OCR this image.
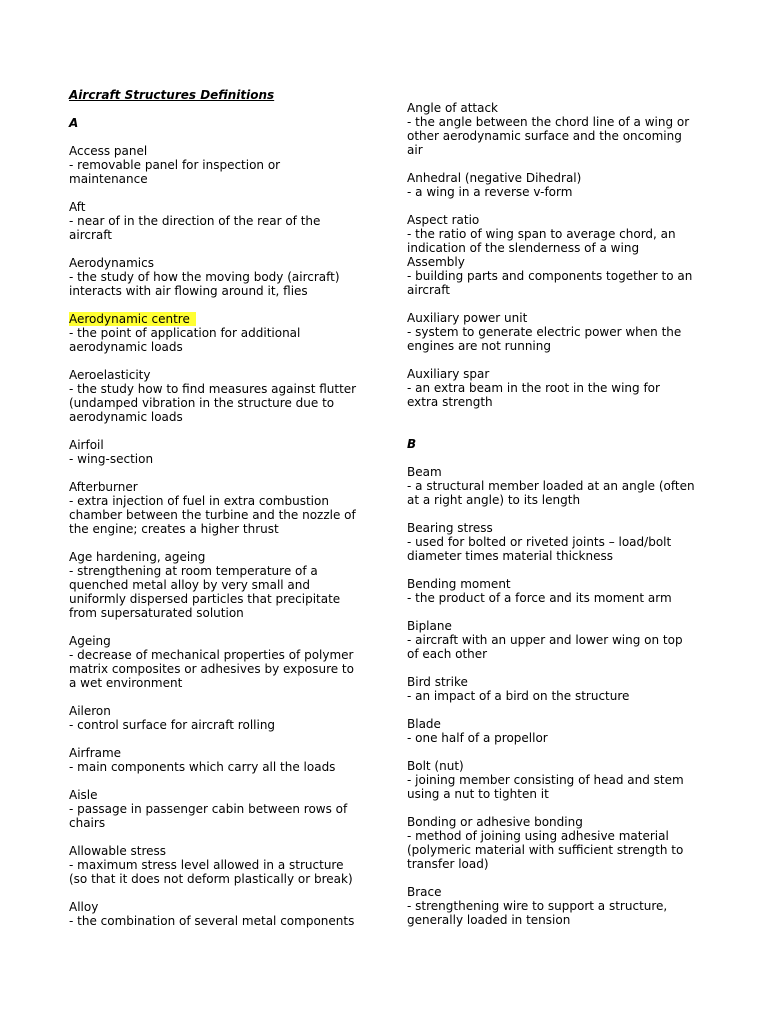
Aircraft Structures Definitions
A
Access panel
- removable panel for inspection or
maintenance
Aft
- near of in the direction of the rear of the
aircraft
Aerodynamics
- the study of how the moving body (aircraft)
interacts with air flowing around it, flies
Aerodynamic centre
- the point of application for additional
aerodynamic loads
Aeroelasticity
- the study how to find measures against flutter
(undamped vibration in the structure due to
aerodynamic loads
Airfoil
- wing-section
Afterburner
- extra injection of fuel in extra combustion
chamber between the turbine and the nozzle of
the engine; creates a higher thrust
Age hardening, ageing
- strengthening at room temperature of a
quenched metal alloy by very small and
uniformly dispersed particles that precipitate
from supersaturated solution
Ageing
- decrease of mechanical properties of polymer
matrix composites or adhesives by exposure to
a wet environment
Aileron
- control surface for aircraft rolling
Airframe
- main components which carry all the loads
Aisle
- passage in passenger cabin between rows of
chairs
Allowable stress
- maximum stress level allowed in a structure
(so that it does not deform plastically or break)
Alloy
- the combination of several metal components
Angle of attack
- the angle between the chord line of a wing or
other aerodynamic surface and the oncoming
air
Anhedral (negative Dihedral)
- a wing in a reverse v-form
Aspect ratio
- the ratio of wing span to average chord, an
indication of the slenderness of a wing
Assembly
- building parts and components together to an
aircraft
Auxiliary power unit
- system to generate electric power when the
engines are not running
Auxiliary spar
- an extra beam in the root in the wing for
extra strength
B
Beam
- a structural member loaded at an angle (often
at a right angle) to its length
Bearing stress
- used for bolted or riveted joints – load/bolt
diameter times material thickness
Bending moment
- the product of a force and its moment arm
Biplane
- aircraft with an upper and lower wing on top
of each other
Bird strike
- an impact of a bird on the structure
Blade
- one half of a propellor
Bolt (nut)
- joining member consisting of head and stem
using a nut to tighten it
Bonding or adhesive bonding
- method of joining using adhesive material
(polymeric material with sufficient strength to
transfer load)
Brace
- strengthening wire to support a structure,
generally loaded in tension
